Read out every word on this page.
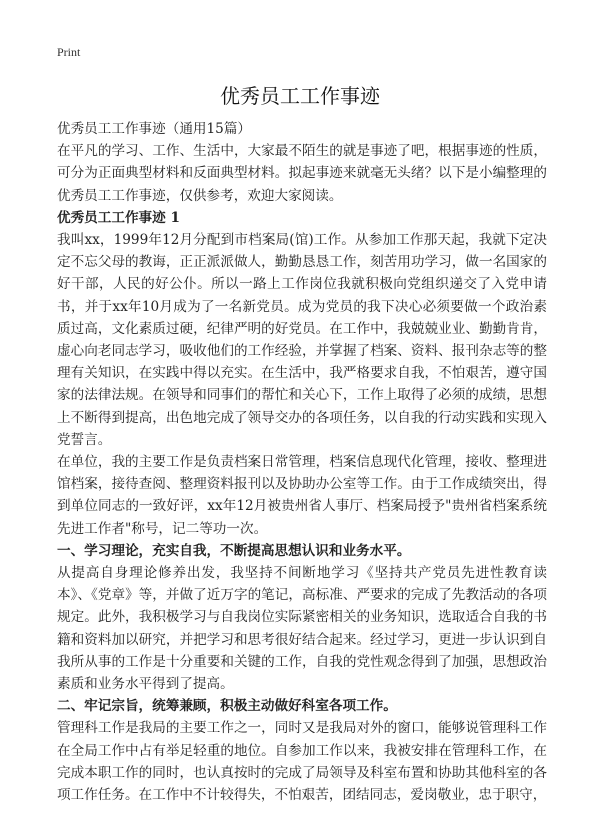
Print
优秀员工工作事迹

优秀员工工作事迹（通用15篇）

在平凡的学习、工作、生活中，大家最不陌生的就是事迹了吧，根据事迹的性质，可分为正面典型材料和反面典型材料。拟起事迹来就毫无头绪？以下是小编整理的优秀员工工作事迹，仅供参考，欢迎大家阅读。

优秀员工工作事迹 1

我叫xx，1999年12月分配到市档案局(馆)工作。从参加工作那天起，我就下定决定不忘父母的教诲，正正派派做人，勤勤恳恳工作，刻苦用功学习，做一名国家的好干部，人民的好公仆。所以一路上工作岗位我就积极向党组织递交了入党申请书，并于xx年10月成为了一名新党员。成为党员的我下决心必须要做一个政治素质过高，文化素质过硬，纪律严明的好党员。在工作中，我兢兢业业、勤勤肯肯，虚心向老同志学习，吸收他们的工作经验，并掌握了档案、资料、报刊杂志等的整理有关知识，在实践中得以充实。在生活中，我严格要求自我，不怕艰苦，遵守国家的法律法规。在领导和同事们的帮忙和关心下，工作上取得了必须的成绩，思想上不断得到提高，出色地完成了领导交办的各项任务，以自我的行动实践和实现入党誓言。

在单位，我的主要工作是负责档案日常管理，档案信息现代化管理，接收、整理进馆档案，接待查阅、整理资料报刊以及协助办公室等工作。由于工作成绩突出，得到单位同志的一致好评，xx年12月被贵州省人事厅、档案局授予"贵州省档案系统先进工作者"称号，记二等功一次。

一、学习理论，充实自我，不断提高思想认识和业务水平。

从提高自身理论修养出发，我坚持不间断地学习《坚持共产党员先进性教育读本》、《党章》等，并做了近万字的笔记，高标准、严要求的完成了先教活动的各项规定。此外，我积极学习与自我岗位实际紧密相关的业务知识，选取适合自我的书籍和资料加以研究，并把学习和思考很好结合起来。经过学习，更进一步认识到自我所从事的工作是十分重要和关键的工作，自我的党性观念得到了加强，思想政治素质和业务水平得到了提高。

二、牢记宗旨，统筹兼顾，积极主动做好科室各项工作。

管理科工作是我局的主要工作之一，同时又是我局对外的窗口，能够说管理科工作在全局工作中占有举足轻重的地位。自参加工作以来，我被安排在管理科工作，在完成本职工作的同时，也认真按时的完成了局领导及科室布置和协助其他科室的各项工作任务。在工作中不计较得失，不怕艰苦，团结同志，爱岗敬业，忠于职守，
